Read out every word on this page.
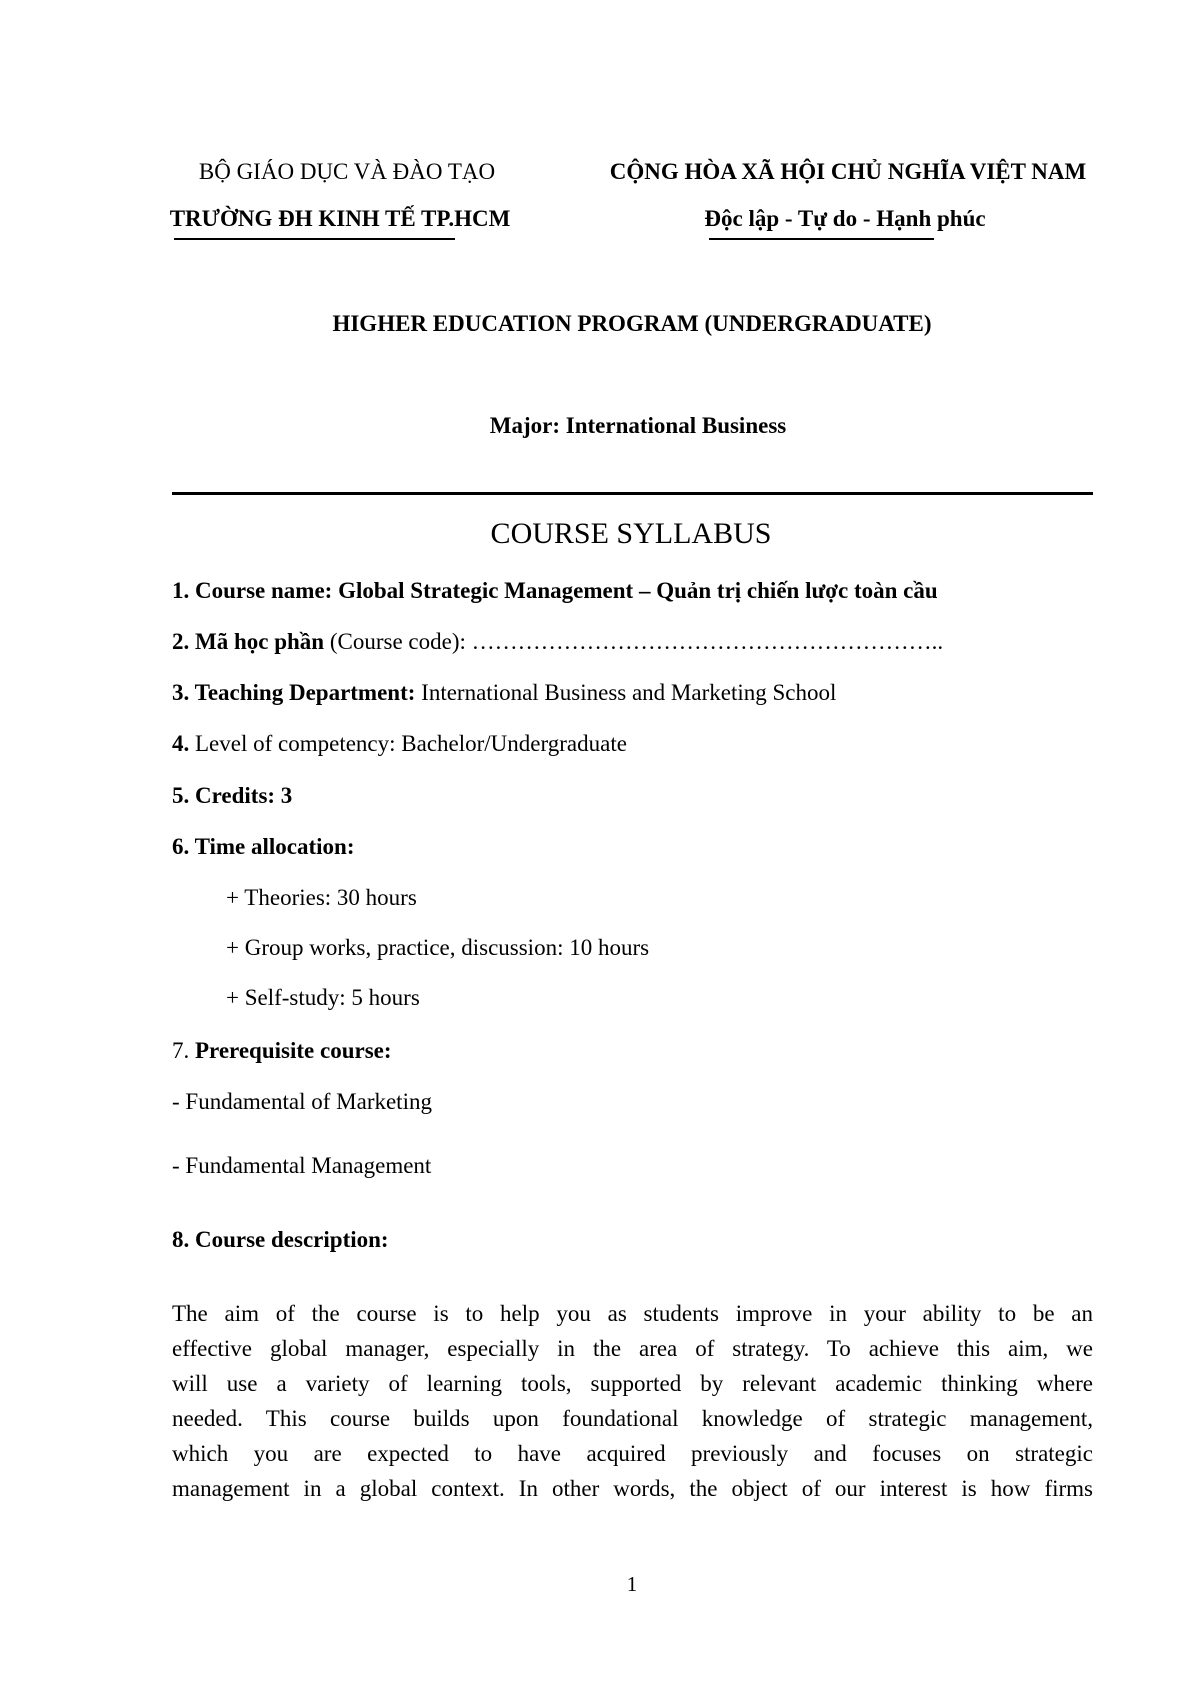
BỘ GIÁO DỤC VÀ ĐÀO TẠO
TRƯỜNG ĐH KINH TẾ TP.HCM
CỘNG HÒA XÃ HỘI CHỦ NGHĨA VIỆT NAM
Độc lập - Tự do - Hạnh phúc
HIGHER EDUCATION PROGRAM (UNDERGRADUATE)
Major: International Business
COURSE SYLLABUS
1. Course name: Global Strategic Management – Quản trị chiến lược toàn cầu
2. Mã học phần (Course code): ……………………………………………………..
3. Teaching Department: International Business and Marketing School
4. Level of competency: Bachelor/Undergraduate
5. Credits: 3
6. Time allocation:
+ Theories: 30 hours
+ Group works, practice, discussion: 10 hours
+ Self-study: 5 hours
7. Prerequisite course:
- Fundamental of Marketing
- Fundamental Management
8. Course description:
The aim of the course is to help you as students improve in your ability to be an
effective global manager, especially in the area of strategy. To achieve this aim, we
will use a variety of learning tools, supported by relevant academic thinking where
needed. This course builds upon foundational knowledge of strategic management,
which you are expected to have acquired previously and focuses on strategic
management in a global context. In other words, the object of our interest is how firms
1
